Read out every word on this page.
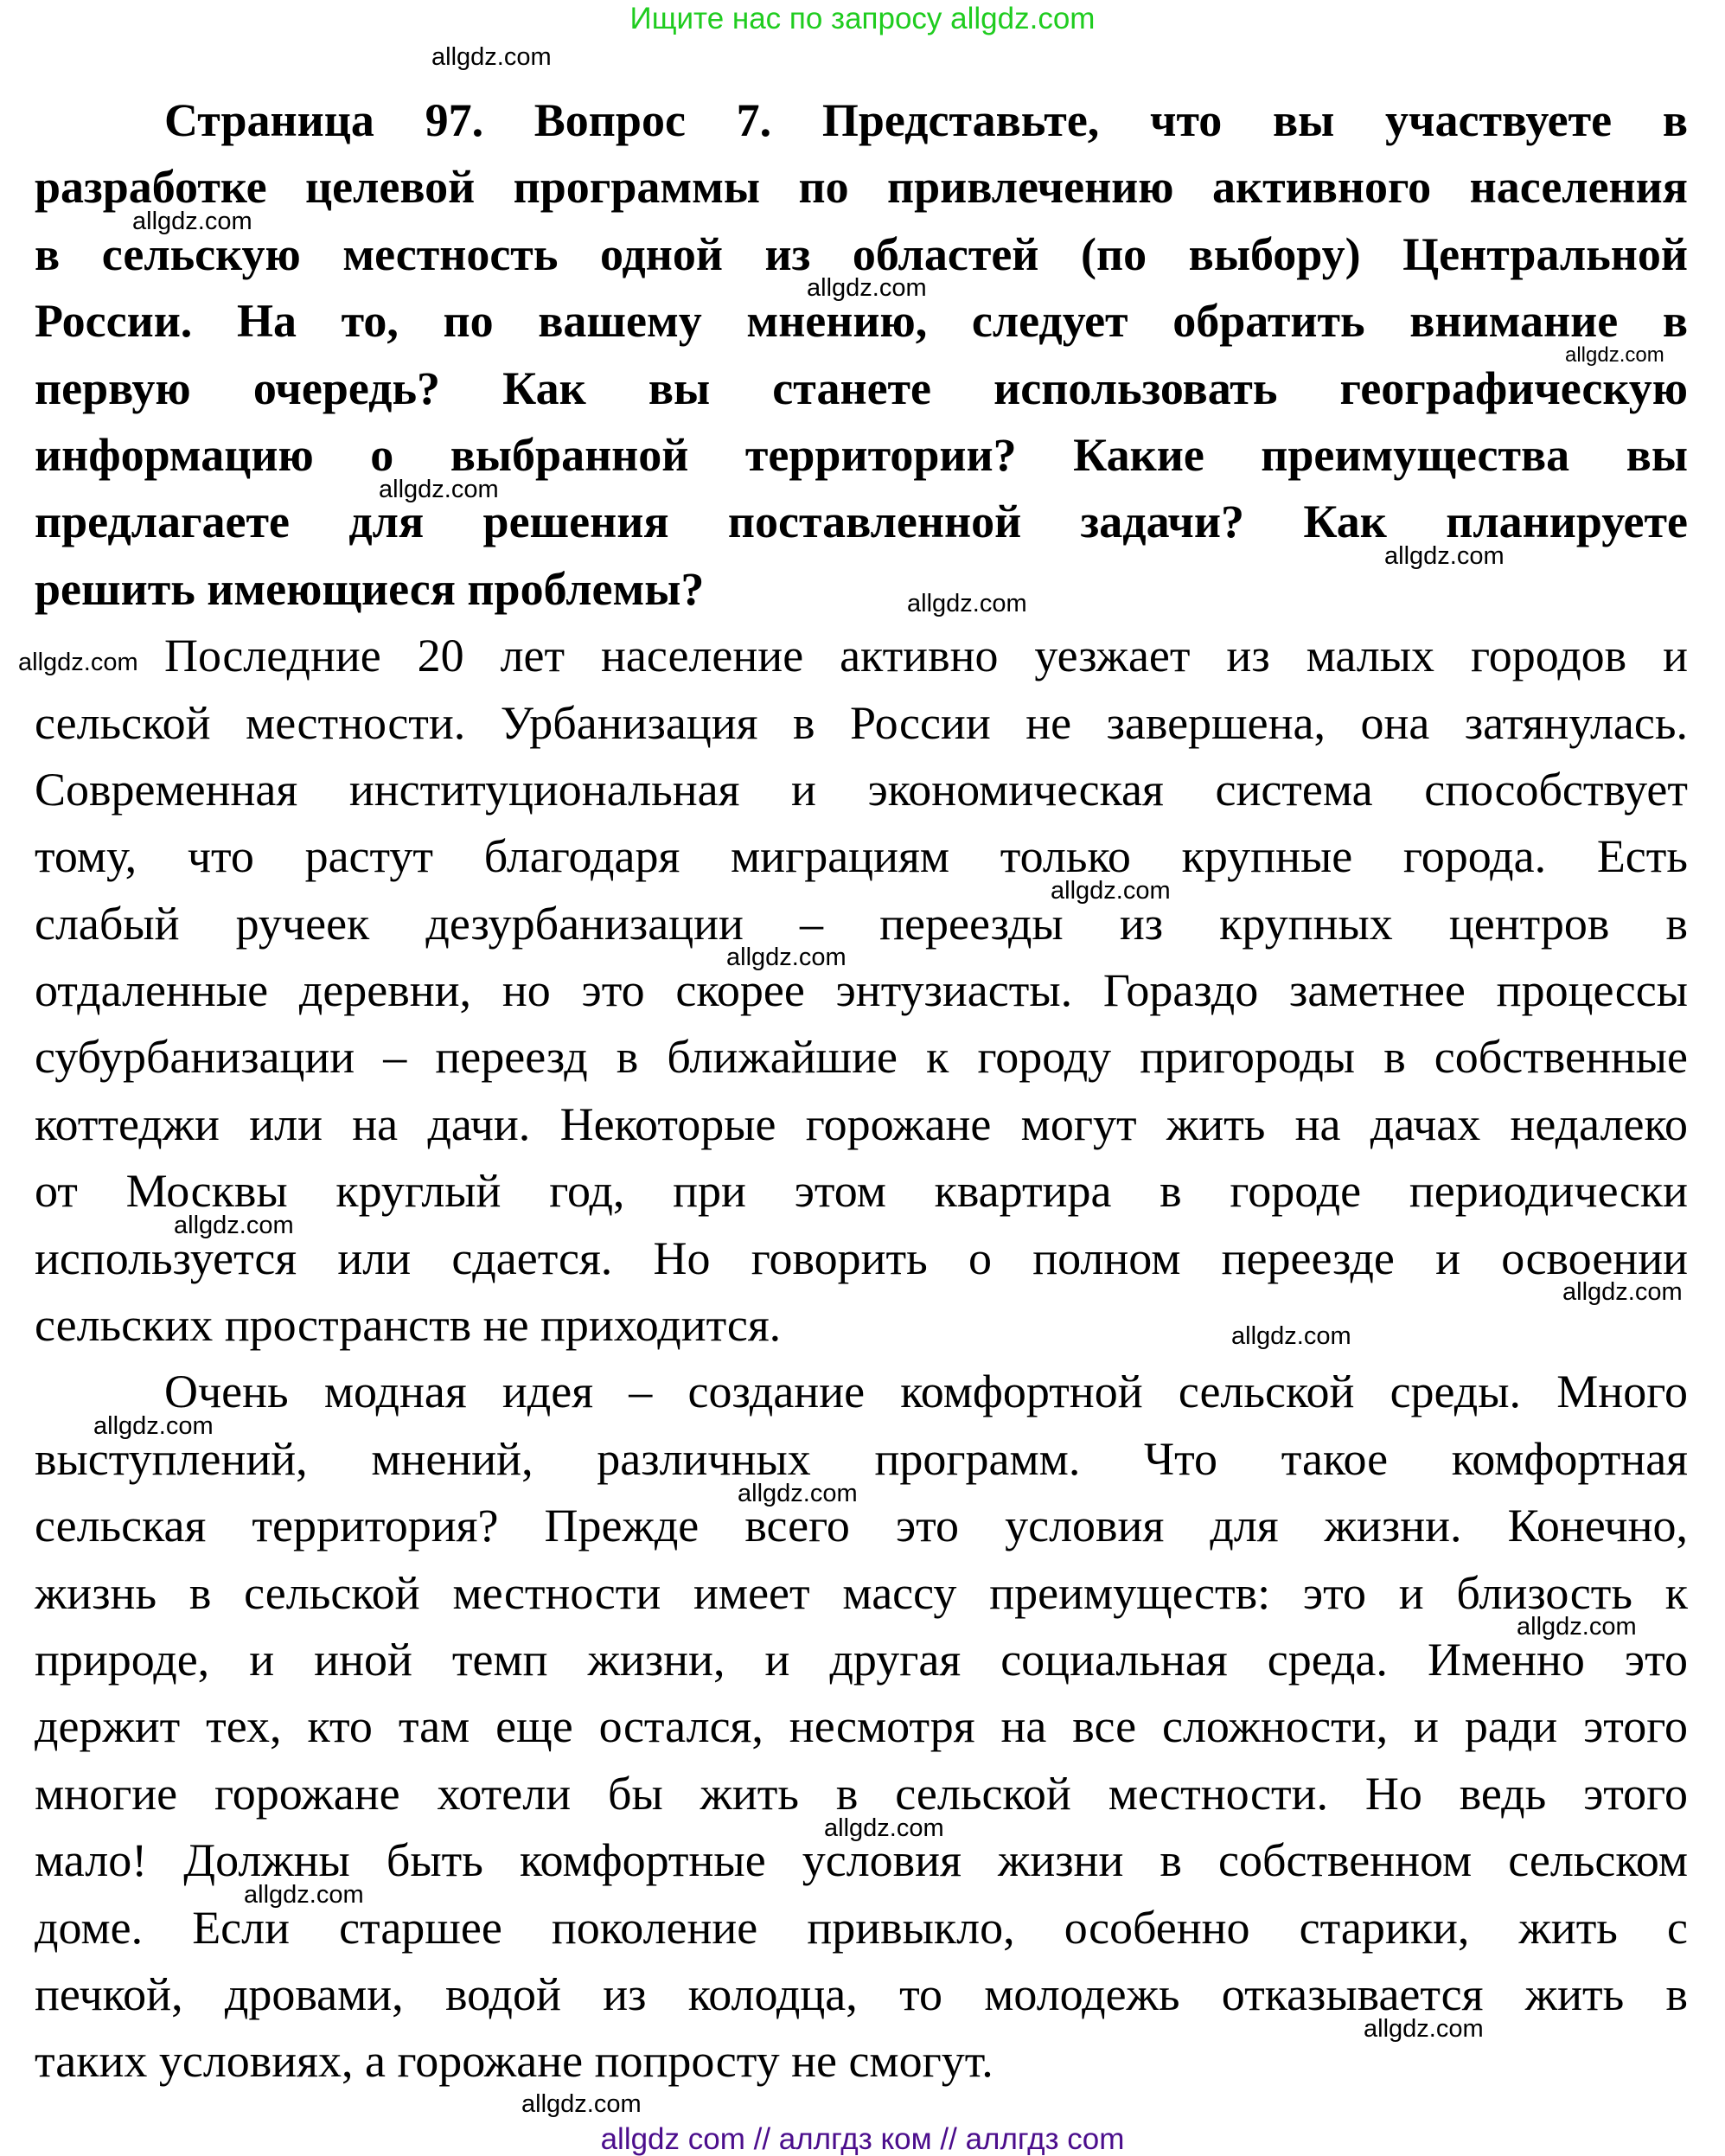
Ищите нас по запросу allgdz.com
Страница 97. Вопрос 7. Представьте, что вы участвуете в
разработке целевой программы по привлечению активного населения
в сельскую местность одной из областей (по выбору) Центральной
России. На то, по вашему мнению, следует обратить внимание в
первую очередь? Как вы станете использовать географическую
информацию о выбранной территории? Какие преимущества вы
предлагаете для решения поставленной задачи? Как планируете
решить имеющиеся проблемы?
Последние 20 лет население активно уезжает из малых городов и
сельской местности. Урбанизация в России не завершена, она затянулась.
Современная институциональная и экономическая система способствует
тому, что растут благодаря миграциям только крупные города. Есть
слабый ручеек дезурбанизации – переезды из крупных центров в
отдаленные деревни, но это скорее энтузиасты. Гораздо заметнее процессы
субурбанизации – переезд в ближайшие к городу пригороды в собственные
коттеджи или на дачи. Некоторые горожане могут жить на дачах недалеко
от Москвы круглый год, при этом квартира в городе периодически
используется или сдается. Но говорить о полном переезде и освоении
сельских пространств не приходится.
Очень модная идея – создание комфортной сельской среды. Много
выступлений, мнений, различных программ. Что такое комфортная
сельская территория? Прежде всего это условия для жизни. Конечно,
жизнь в сельской местности имеет массу преимуществ: это и близость к
природе, и иной темп жизни, и другая социальная среда. Именно это
держит тех, кто там еще остался, несмотря на все сложности, и ради этого
многие горожане хотели бы жить в сельской местности. Но ведь этого
мало! Должны быть комфортные условия жизни в собственном сельском
доме. Если старшее поколение привыкло, особенно старики, жить с
печкой, дровами, водой из колодца, то молодежь отказывается жить в
таких условиях, а горожане попросту не смогут.
allgdz.com
allgdz.com
allgdz.com
allgdz.com
allgdz.com
allgdz.com
allgdz.com
allgdz.com
allgdz.com
allgdz.com
allgdz.com
allgdz.com
allgdz.com
allgdz.com
allgdz.com
allgdz.com
allgdz.com
allgdz.com
allgdz.com
allgdz.com
allgdz com // аллгдз ком // аллгдз com
